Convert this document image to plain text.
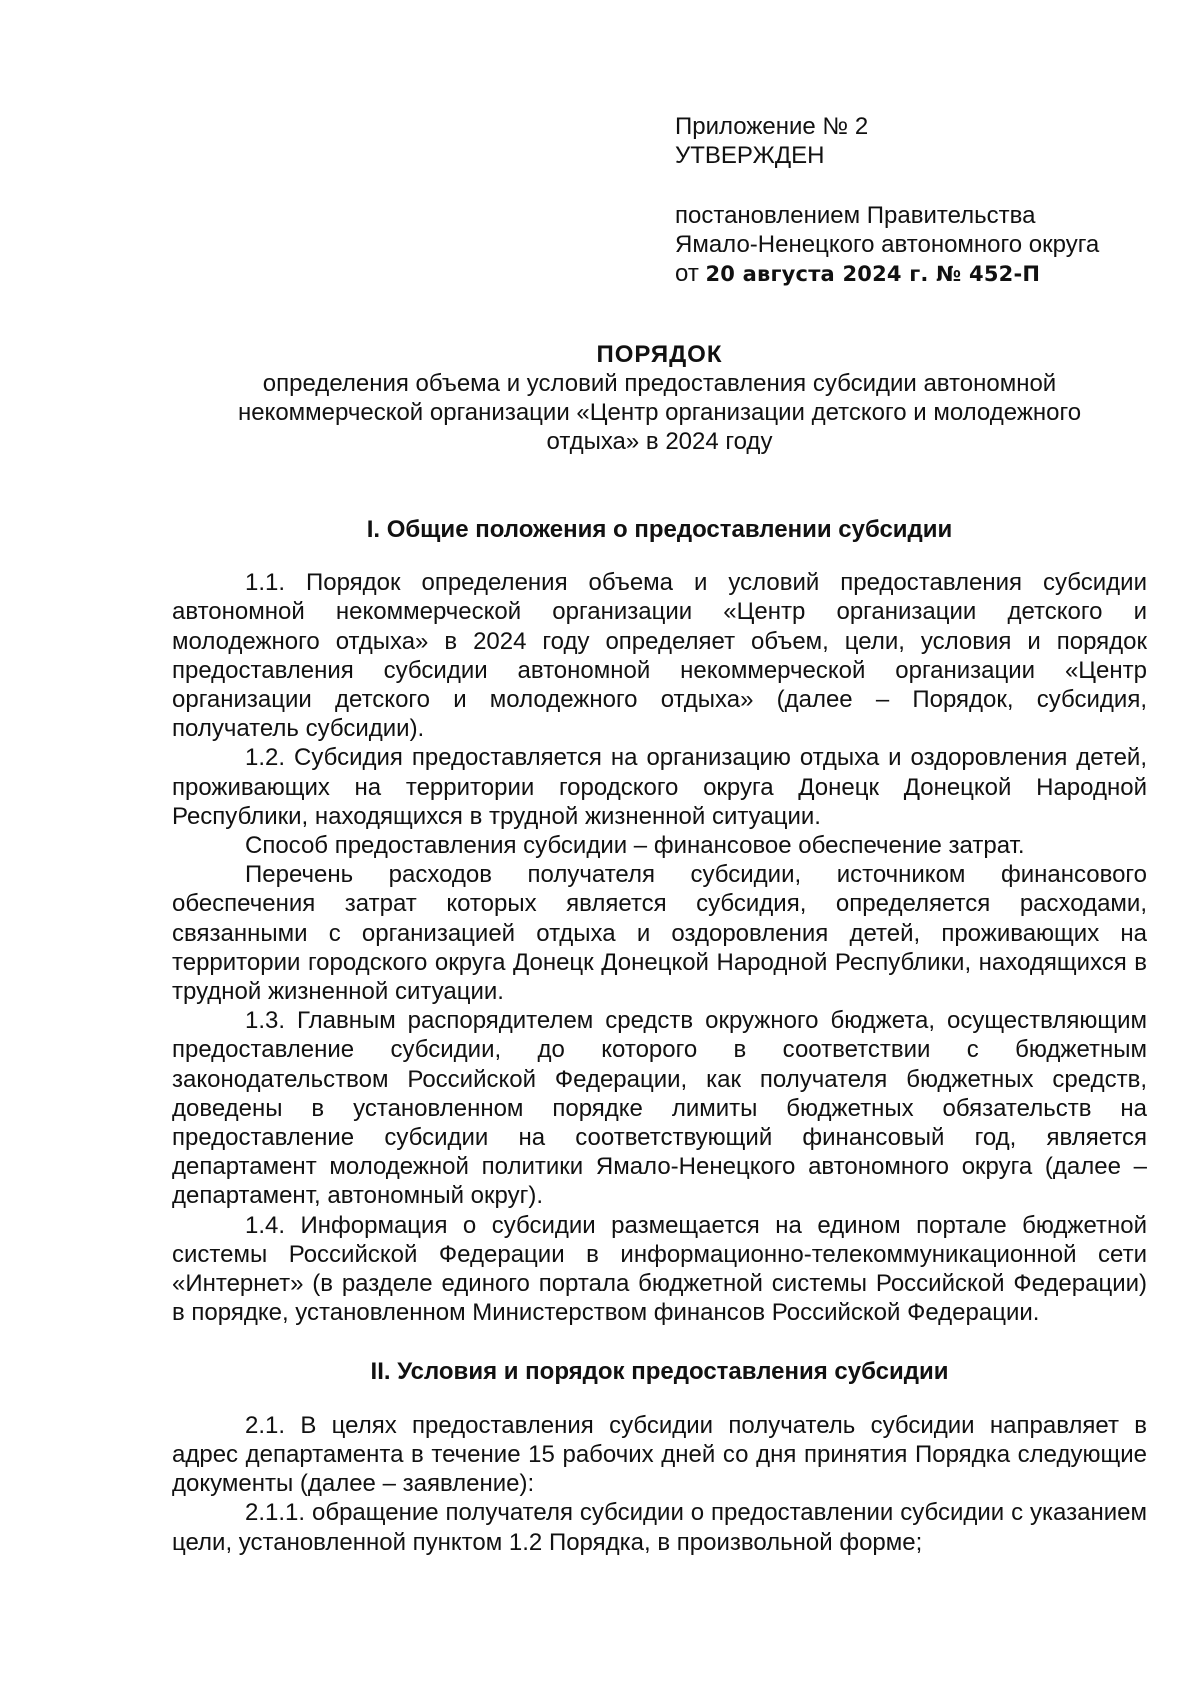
Приложение № 2
УТВЕРЖДЕН
постановлением Правительства
Ямало-Ненецкого автономного округа
от 20 августа 2024 г. № 452-П
ПОРЯДОК
определения объема и условий предоставления субсидии автономной
некоммерческой организации «Центр организации детского и молодежного
отдыха» в 2024 году
I. Общие положения о предоставлении субсидии

1.1. Порядок определения объема и условий предоставления субсидии автономной некоммерческой организации «Центр организации детского и молодежного отдыха» в 2024 году определяет объем, цели, условия и порядок предоставления субсидии автономной некоммерческой организации «Центр организации детского и молодежного отдыха» (далее – Порядок, субсидия, получатель субсидии).

1.2. Субсидия предоставляется на организацию отдыха и оздоровления детей, проживающих на территории городского округа Донецк Донецкой Народной Республики, находящихся в трудной жизненной ситуации.

Способ предоставления субсидии – финансовое обеспечение затрат.

Перечень расходов получателя субсидии, источником финансового обеспечения затрат которых является субсидия, определяется расходами, связанными с организацией отдыха и оздоровления детей, проживающих на территории городского округа Донецк Донецкой Народной Республики, находящихся в трудной жизненной ситуации.

1.3. Главным распорядителем средств окружного бюджета, осуществляющим предоставление субсидии, до которого в соответствии с бюджетным законодательством Российской Федерации, как получателя бюджетных средств, доведены в установленном порядке лимиты бюджетных обязательств на предоставление субсидии на соответствующий финансовый год, является департамент молодежной политики Ямало-Ненецкого автономного округа (далее – департамент, автономный округ).

1.4. Информация о субсидии размещается на едином портале бюджетной системы Российской Федерации в информационно-телекоммуникационной сети «Интернет» (в разделе единого портала бюджетной системы Российской Федерации) в порядке, установленном Министерством финансов Российской Федерации.

II. Условия и порядок предоставления субсидии

2.1. В целях предоставления субсидии получатель субсидии направляет в адрес департамента в течение 15 рабочих дней со дня принятия Порядка следующие документы (далее – заявление):

2.1.1. обращение получателя субсидии о предоставлении субсидии с указанием цели, установленной пунктом 1.2 Порядка, в произвольной форме;
